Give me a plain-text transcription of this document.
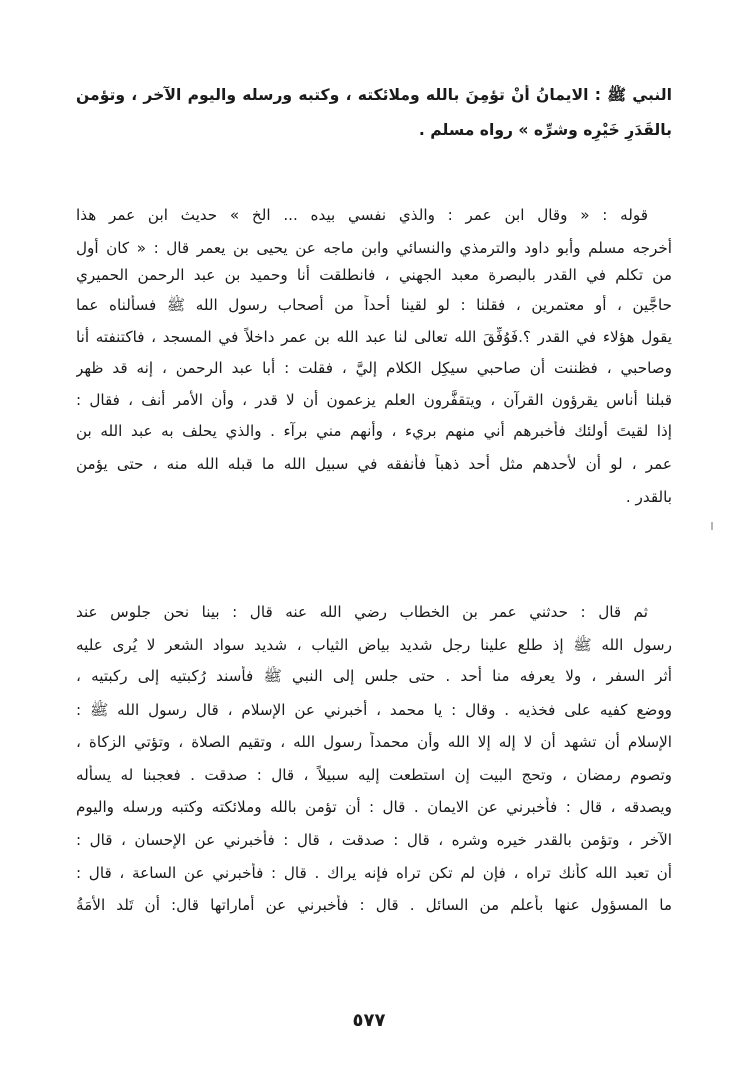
النبي ﷺ : الايمانُ أنْ تؤمِنَ بالله وملائكته ، وكتبه ورسله واليوم الآخر ، وتؤمن
بالقَدَرِ خَيْرِه وشرِّه » رواه مسلم .
قوله : « وقال ابن عمر : والذي نفسي بيده ... الخ » حديث ابن عمر هذا
أخرجه مسلم وأبو داود والترمذي والنسائي وابن ماجه عن يحيى بن يعمر قال : « كان أول
من تكلم في القدر بالبصرة معبد الجهني ، فانطلقت أنا وحميد بن عبد الرحمن الحميري
حاجَّين ، أو معتمرين ، فقلنا : لو لقينا أحداً من أصحاب رسول الله ﷺ فسألناه عما
يقول هؤلاء في القدر ؟.فَوُفِّقَ الله تعالى لنا عبد الله بن عمر داخلاً في المسجد ، فاكتنفته أنا
وصاحبي ، فظننت أن صاحبي سيكِل الكلام إليَّ ، فقلت : أبا عبد الرحمن ، إنه قد ظهر
قبلنا أناس يقرؤون القرآن ، ويتقفَّرون العلم يزعمون أن لا قدر ، وأن الأمر أنف ، فقال :
إذا لقيتَ أولئك فأخبرهم أني منهم بريء ، وأنهم مني برآء . والذي يحلف به عبد الله بن
عمر ، لو أن لأحدهم مثل أحد ذهباً فأنفقه في سبيل الله ما قبله الله منه ، حتى يؤمن
بالقدر .
ثم قال : حدثني عمر بن الخطاب رضي الله عنه قال : بينا نحن جلوس عند
رسول الله ﷺ إذ طلع علينا رجل شديد بياض الثياب ، شديد سواد الشعر لا يُرى عليه
أثر السفر ، ولا يعرفه منا أحد . حتى جلس إلى النبي ﷺ فأسند رُكبتيه إلى ركبتيه ،
ووضع كفيه على فخذيه . وقال : يا محمد ، أخبرني عن الإسلام ، قال رسول الله ﷺ :
الإسلام أن تشهد أن لا إله إلا الله وأن محمداً رسول الله ، وتقيم الصلاة ، وتؤتي الزكاة ،
وتصوم رمضان ، وتحج البيت إن استطعت إليه سبيلاً ، قال : صدقت . فعجبنا له يسأله
ويصدقه ، قال : فأخبرني عن الايمان . قال : أن تؤمن بالله وملائكته وكتبه ورسله واليوم
الآخر ، وتؤمن بالقدر خيره وشره ، قال : صدقت ، قال : فأخبرني عن الإحسان ، قال :
أن تعبد الله كأنك تراه ، فإن لم تكن تراه فإنه يراك . قال : فأخبرني عن الساعة ، قال :
ما المسؤول عنها بأعلم من السائل . قال : فأخبرني عن أماراتها قال: أن تَلد الأمَةُ
٥٧٧
